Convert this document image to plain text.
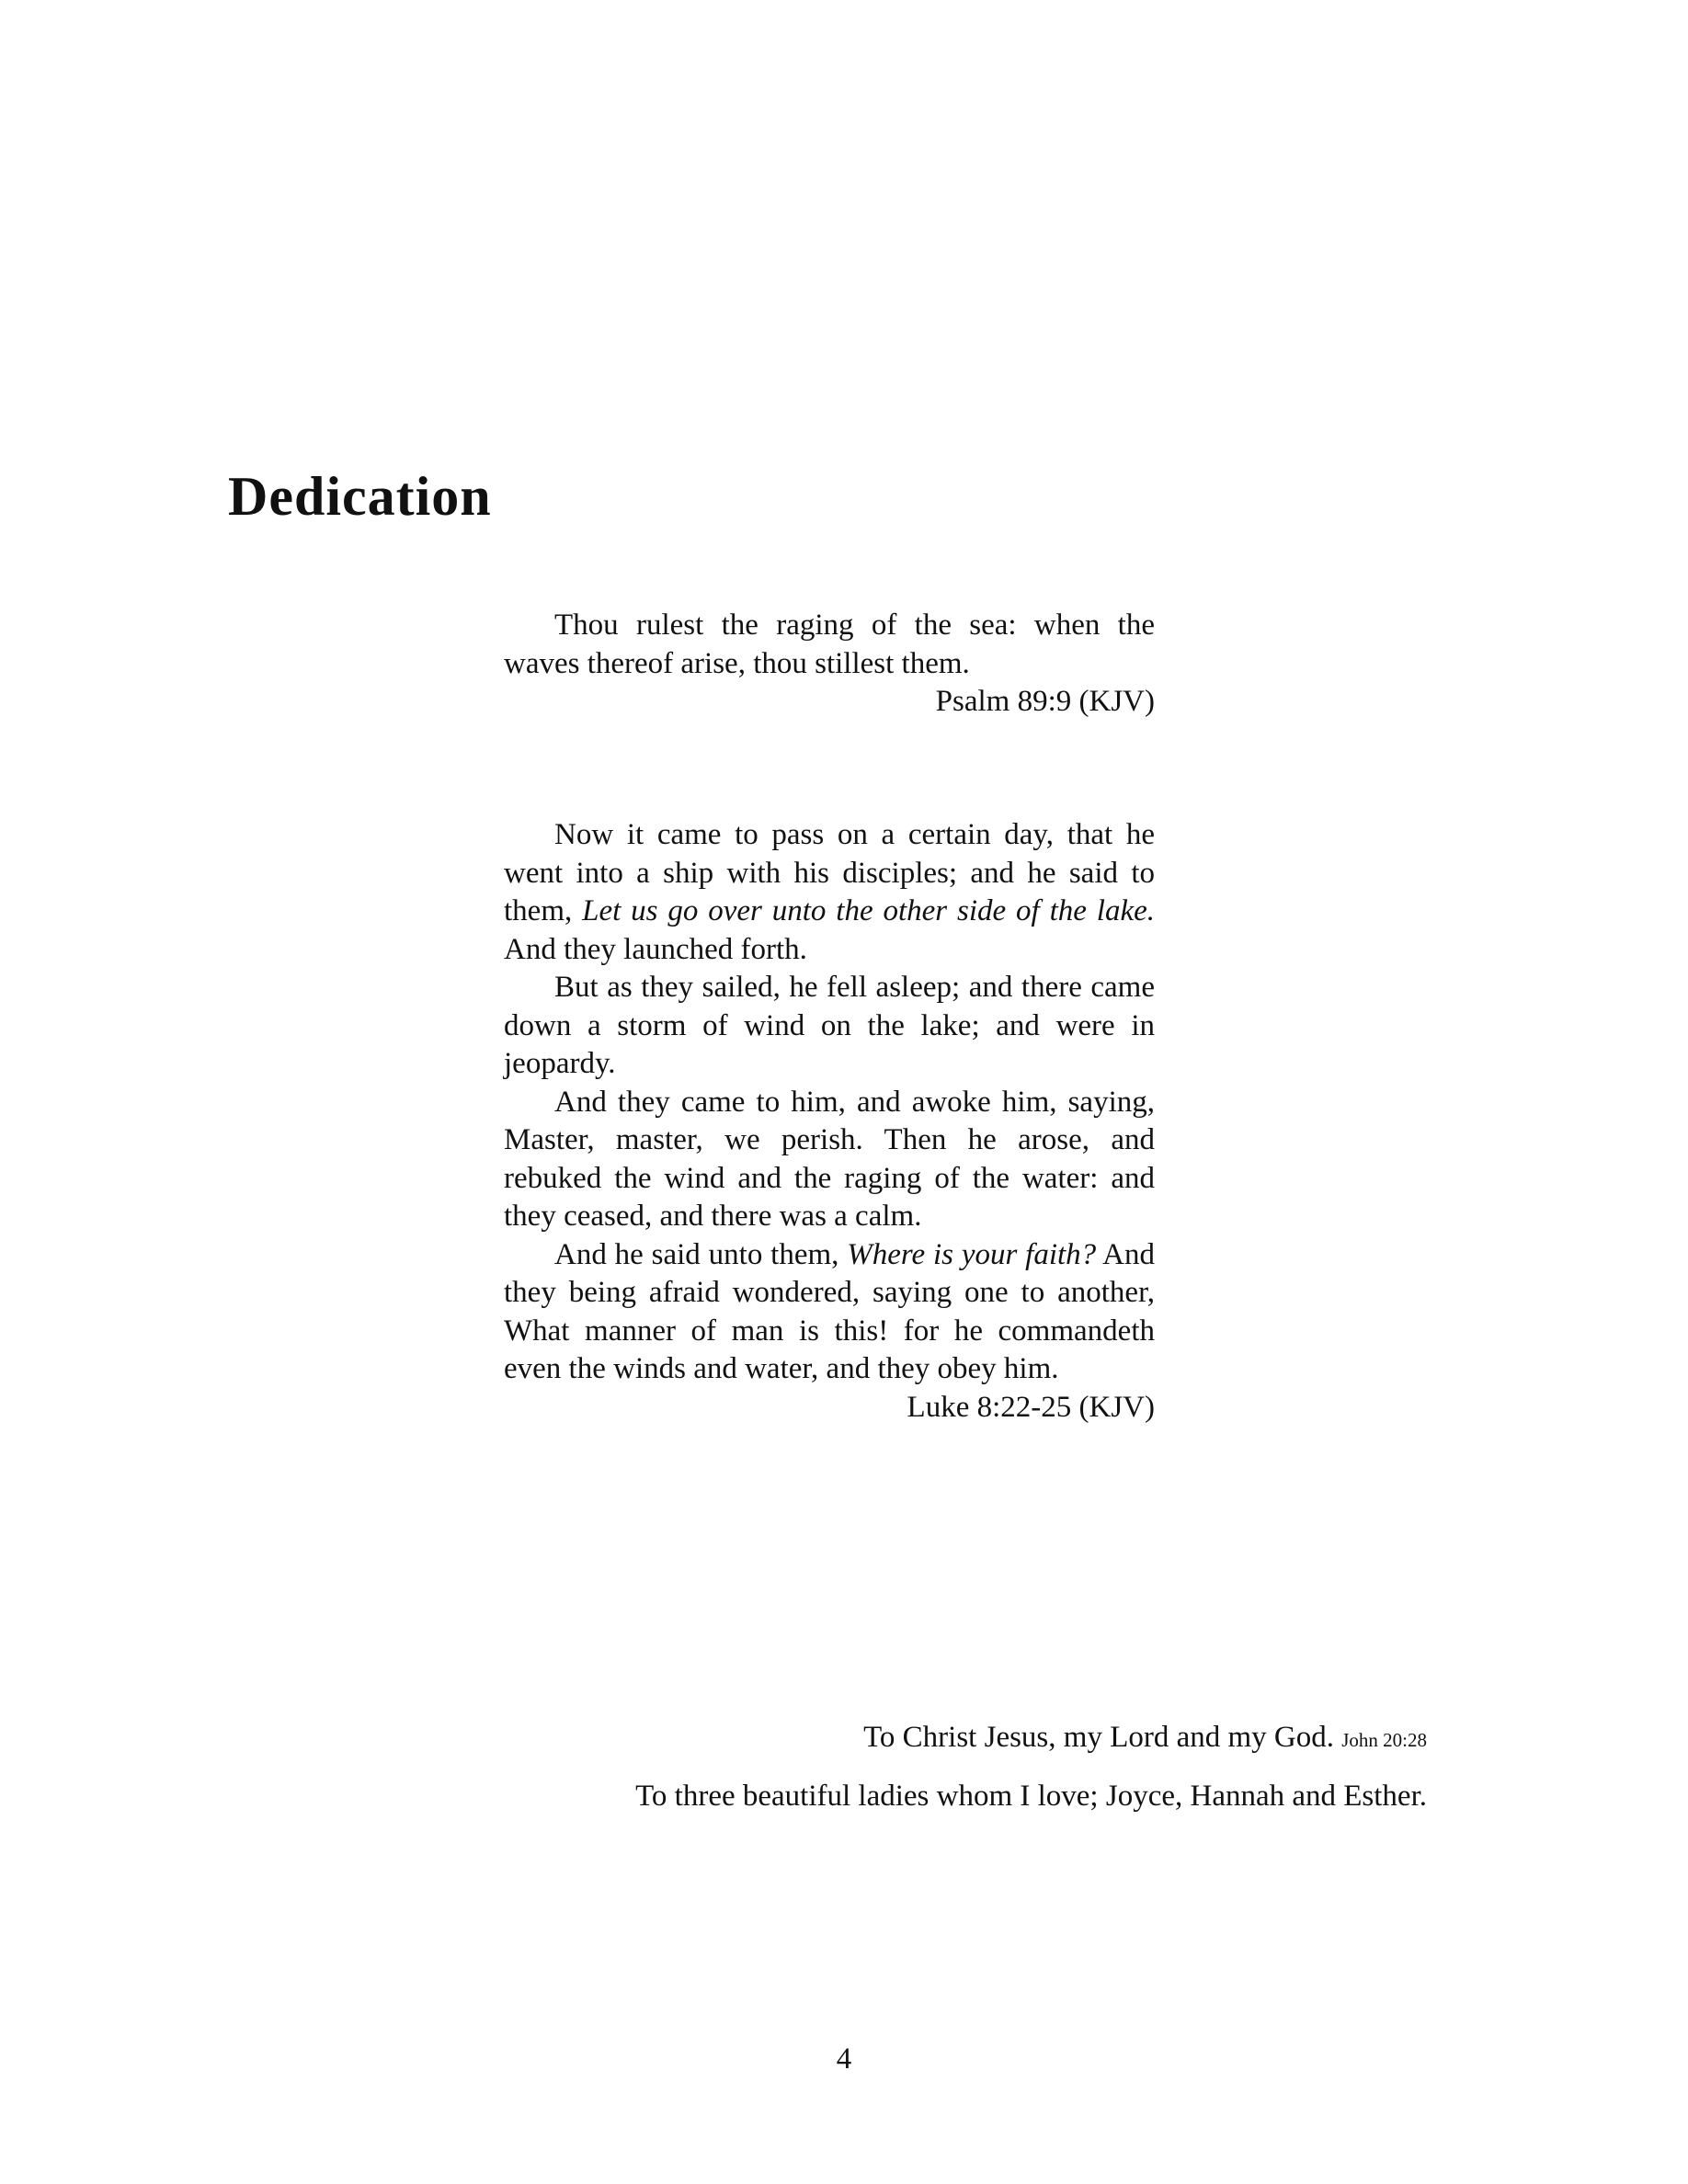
Dedication

Thou rulest the raging of the sea: when the waves thereof arise, thou stillest them.

Psalm 89:9 (KJV)

Now it came to pass on a certain day, that he went into a ship with his disciples; and he said to them, Let us go over unto the other side of the lake. And they launched forth.

But as they sailed, he fell asleep; and there came down a storm of wind on the lake; and were in jeopardy.

And they came to him, and awoke him, saying, Master, master, we perish. Then he arose, and rebuked the wind and the raging of the water: and they ceased, and there was a calm.

And he said unto them, Where is your faith? And they being afraid wondered, saying one to another, What manner of man is this! for he commandeth even the winds and water, and they obey him.

Luke 8:22-25 (KJV)

To Christ Jesus, my Lord and my God. John 20:28

To three beautiful ladies whom I love; Joyce, Hannah and Esther.

4
